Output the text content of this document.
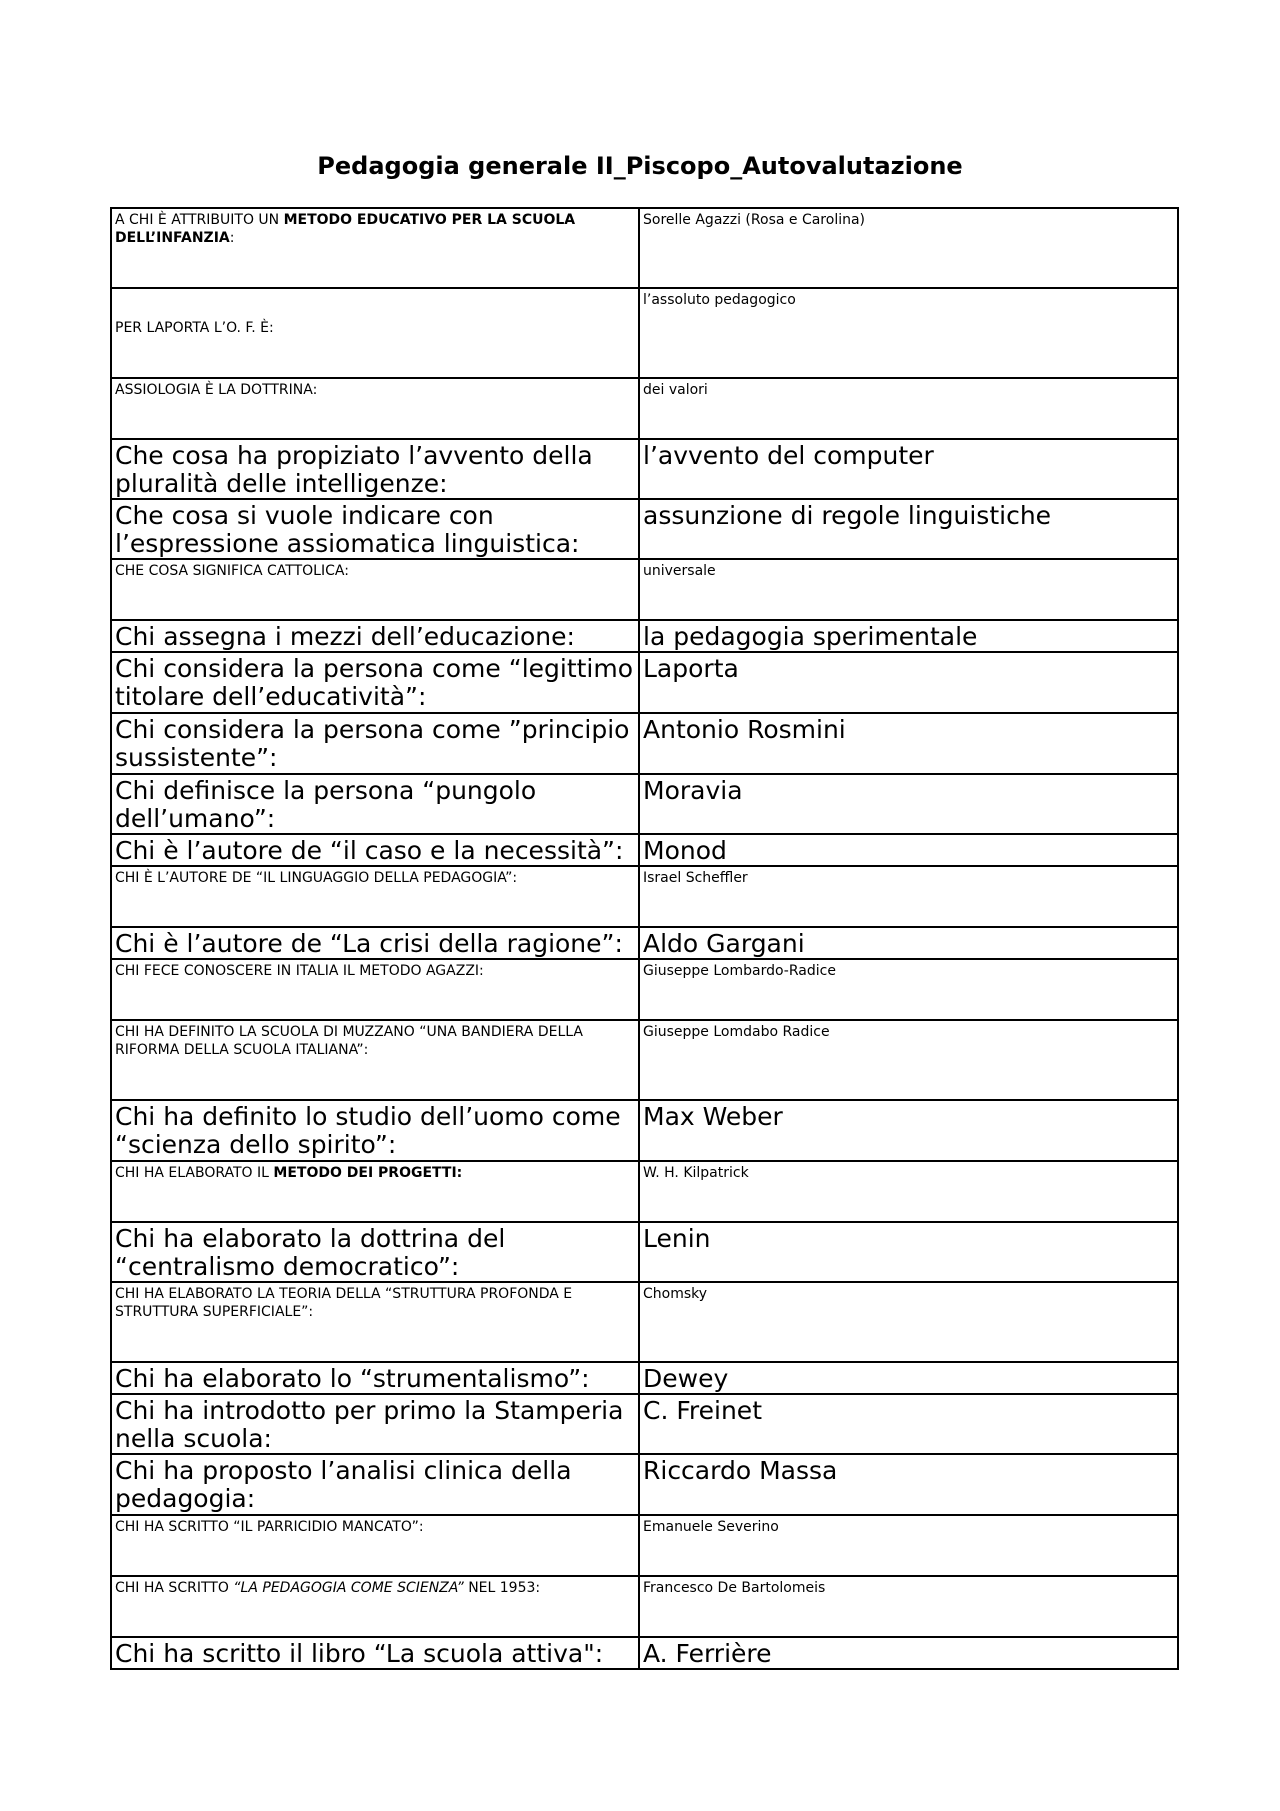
Pedagogia generale II_Piscopo_Autovalutazione
A CHI È ATTRIBUITO UN METODO EDUCATIVO PER LA SCUOLA DELL’INFANZIA:	Sorelle Agazzi (Rosa e Carolina)

PER LAPORTA L’O. F. È:	l’assoluto pedagogico
ASSIOLOGIA È LA DOTTRINA:	dei valori
Che cosa ha propiziato l’avvento della pluralità delle intelligenze:	l’avvento del computer
Che cosa si vuole indicare con l’espressione assiomatica linguistica:	assunzione di regole linguistiche
CHE COSA SIGNIFICA CATTOLICA:	universale
Chi assegna i mezzi dell’educazione:	la pedagogia sperimentale
Chi considera la persona come “legittimo titolare dell’educatività”:	Laporta
Chi considera la persona come ”principio sussistente”:	Antonio Rosmini
Chi definisce la persona “pungolo dell’umano”:	Moravia
Chi è l’autore de “il caso e la necessità”:	Monod
CHI È L’AUTORE DE “IL LINGUAGGIO DELLA PEDAGOGIA”:	Israel Scheffler
Chi è l’autore de “La crisi della ragione”:	Aldo Gargani
CHI FECE CONOSCERE IN ITALIA IL METODO AGAZZI:	Giuseppe Lombardo-Radice
CHI HA DEFINITO LA SCUOLA DI MUZZANO “UNA BANDIERA DELLA RIFORMA DELLA SCUOLA ITALIANA”:	Giuseppe Lomdabo Radice
Chi ha definito lo studio dell’uomo come “scienza dello spirito”:	Max Weber
CHI HA ELABORATO IL METODO DEI PROGETTI:	W. H. Kilpatrick
Chi ha elaborato la dottrina del “centralismo democratico”:	Lenin
CHI HA ELABORATO LA TEORIA DELLA “STRUTTURA PROFONDA E STRUTTURA SUPERFICIALE”:	Chomsky
Chi ha elaborato lo “strumentalismo”:	Dewey
Chi ha introdotto per primo la Stamperia nella scuola:	C. Freinet
Chi ha proposto l’analisi clinica della pedagogia:	Riccardo Massa
CHI HA SCRITTO “IL PARRICIDIO MANCATO”:	Emanuele Severino
CHI HA SCRITTO “LA PEDAGOGIA COME SCIENZA” NEL 1953:	Francesco De Bartolomeis
Chi ha scritto il libro “La scuola attiva":	A. Ferrière
